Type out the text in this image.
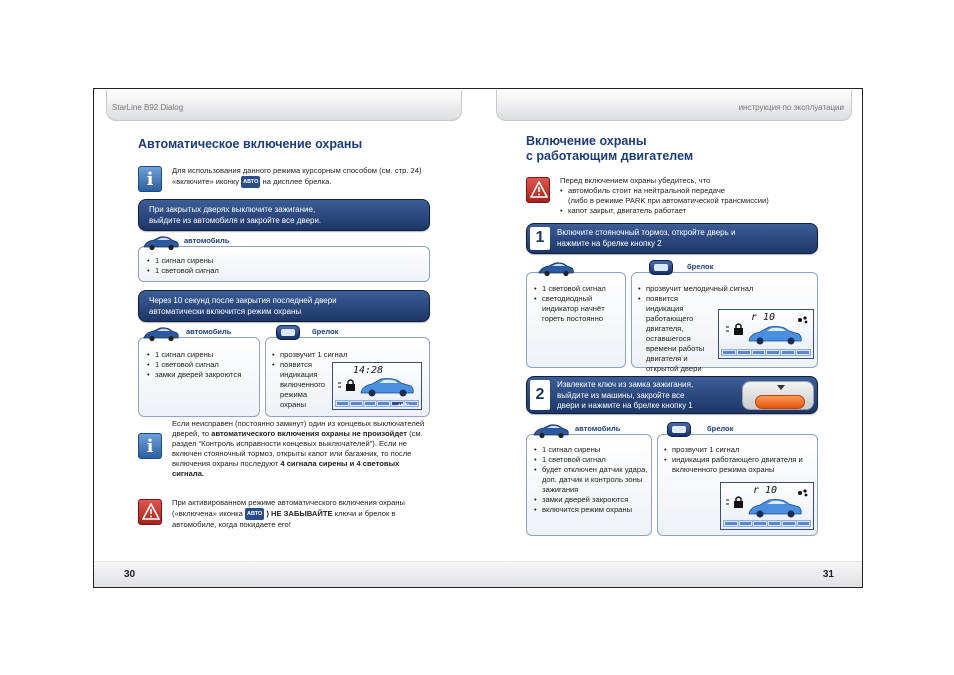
StarLine B92 Dialog
Автоматическое включение охраны
i	Для использования данного режима курсорным способом (см. стр. 24) «включите» иконку АВТО на дисплее брелка.
При закрытых дверях выключите зажигание,
выйдите из автомобиля и закройте все двери.
• 1 сигнал сирены
• 1 световой сигнал
автомобиль
Через 10 секунд после закрытия последней двери
автоматически включится режим охраны
• 1 сигнал сирены
• 1 световой сигнал
• замки дверей закроются
автомобиль
• прозвучит 1 сигнал
• появится индикация включенного режима охраны
14:28
АВТО
брелок
i
Если неисправен (постоянно замкнут) один из концевых выключателей дверей, то автоматического включения охраны не произойдет (см. раздел “Контроль исправности концевых выключателей”). Если не включен стояночный тормоз, открыты капот или багажник, то после включения охраны последуют 4 сигнала сирены и 4 световых сигнала.
При активированном режиме автоматического включения охраны («включена» иконка АВТО ) НЕ ЗАБЫВАЙТЕ ключи и брелок в автомобиле, когда покидаете его!
30
инструкция по эксплуатации
Включение охраны
с работающим двигателем
Перед включением охраны убедитесь, что
• автомобиль стоит на нейтральной передаче
(либо в режиме PARK при автоматической трансмиссии)
• капот закрыт, двигатель работает
1	Включите стояночный тормоз, откройте дверь и
нажмите на брелке кнопку 2
• 1 световой сигнал
• светодиодный индикатор начнёт гореть постоянно
• прозвучит мелодичный сигнал
• появится индикация работающего двигателя, оставшегося времени работы двигателя и открытой двери
r 10
брелок
2
Извлеките ключ из замка зажигания,
выйдите из машины, закройте все
двери и нажмите на брелке кнопку 1
• 1 сигнал сирены
• 1 световой сигнал
• будет отключен датчик удара, доп. датчик и контроль зоны зажигания
• замки дверей закроются
• включится режим охраны
автомобиль
• прозвучит 1 сигнал
• индикация работающего двигателя и включенного режима охраны
r 10
брелок
31
